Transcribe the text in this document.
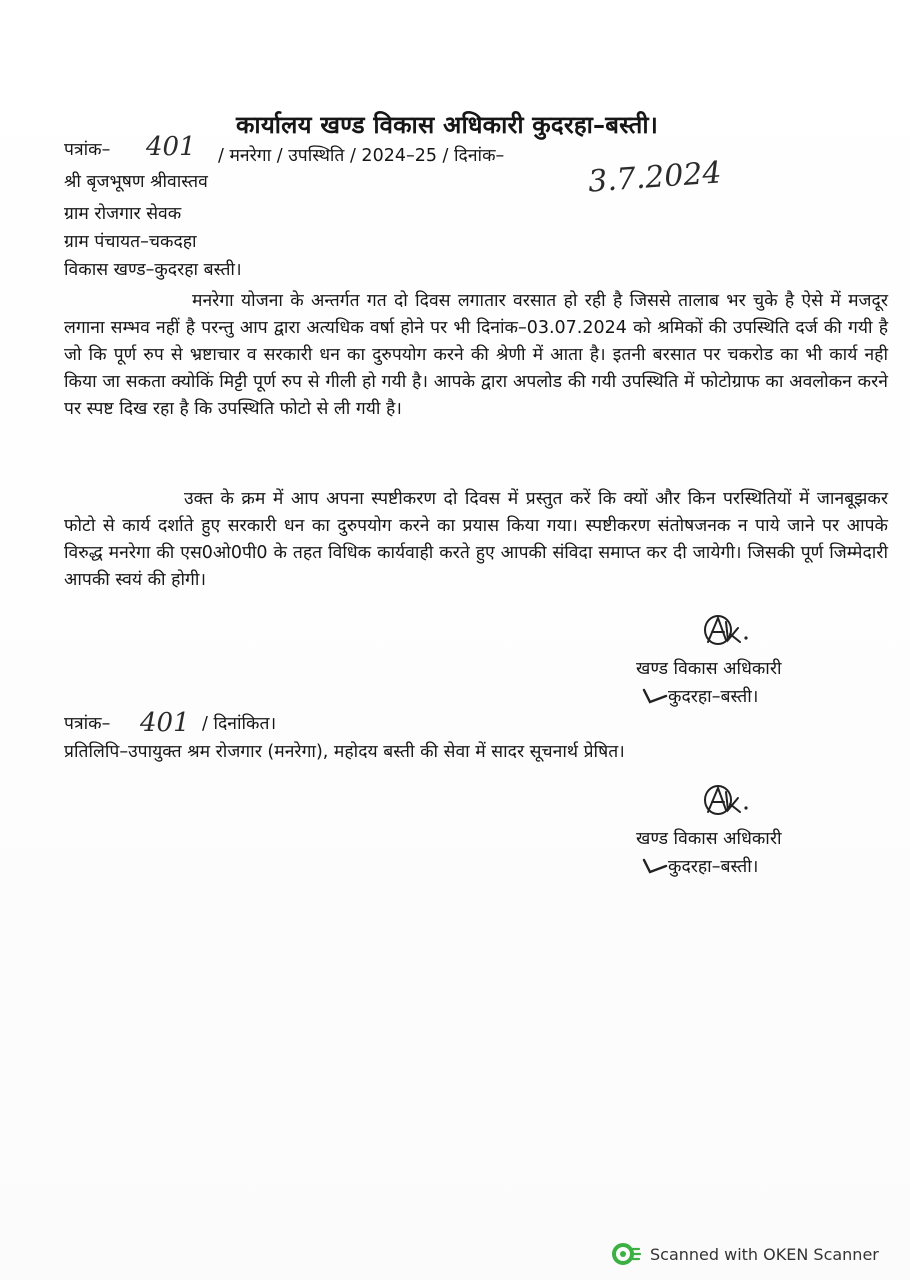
कार्यालय खण्ड विकास अधिकारी कुदरहा–बस्ती।
पत्रांक– 401 / मनरेगा / उपस्थिति / 2024–25 / दिनांक–	3.7.2024
श्री बृजभूषण श्रीवास्तव
ग्राम रोजगार सेवक
ग्राम पंचायत–चकदहा
विकास खण्ड–कुदरहा बस्ती।
मनरेगा योजना के अन्तर्गत गत दो दिवस लगातार वरसात हो रही है जिससे तालाब भर चुके है ऐसे में मजदूर लगाना सम्भव नहीं है परन्तु आप द्वारा अत्यधिक वर्षा होने पर भी दिनांक–03.07.2024 को श्रमिकों की उपस्थिति दर्ज की गयी है जो कि पूर्ण रुप से भ्रष्टाचार व सरकारी धन का दुरुपयोग करने की श्रेणी में आता है। इतनी बरसात पर चकरोड का भी कार्य नही किया जा सकता क्योकिं मिट्टी पूर्ण रुप से गीली हो गयी है। आपके द्वारा अपलोड की गयी उपस्थिति में फोटोग्राफ का अवलोकन करने पर स्पष्ट दिख रहा है कि उपस्थिति फोटो से ली गयी है।
उक्त के क्रम में आप अपना स्पष्टीकरण दो दिवस में प्रस्तुत करें कि क्यों और किन परस्थितियों में जानबूझकर फोटो से कार्य दर्शाते हुए सरकारी धन का दुरुपयोग करने का प्रयास किया गया। स्पष्टीकरण संतोषजनक न पाये जाने पर आपके विरुद्ध मनरेगा की एस0ओ0पी0 के तहत विधिक कार्यवाही करते हुए आपकी संविदा समाप्त कर दी जायेगी। जिसकी पूर्ण जिम्मेदारी आपकी स्वयं की होगी।
खण्ड विकास अधिकारी
कुदरहा–बस्ती।
पत्रांक– 401 / दिनांकित।
प्रतिलिपि–उपायुक्त श्रम रोजगार (मनरेगा), महोदय बस्ती की सेवा में सादर सूचनार्थ प्रेषित।
खण्ड विकास अधिकारी
कुदरहा–बस्ती।
Scanned with OKEN Scanner
